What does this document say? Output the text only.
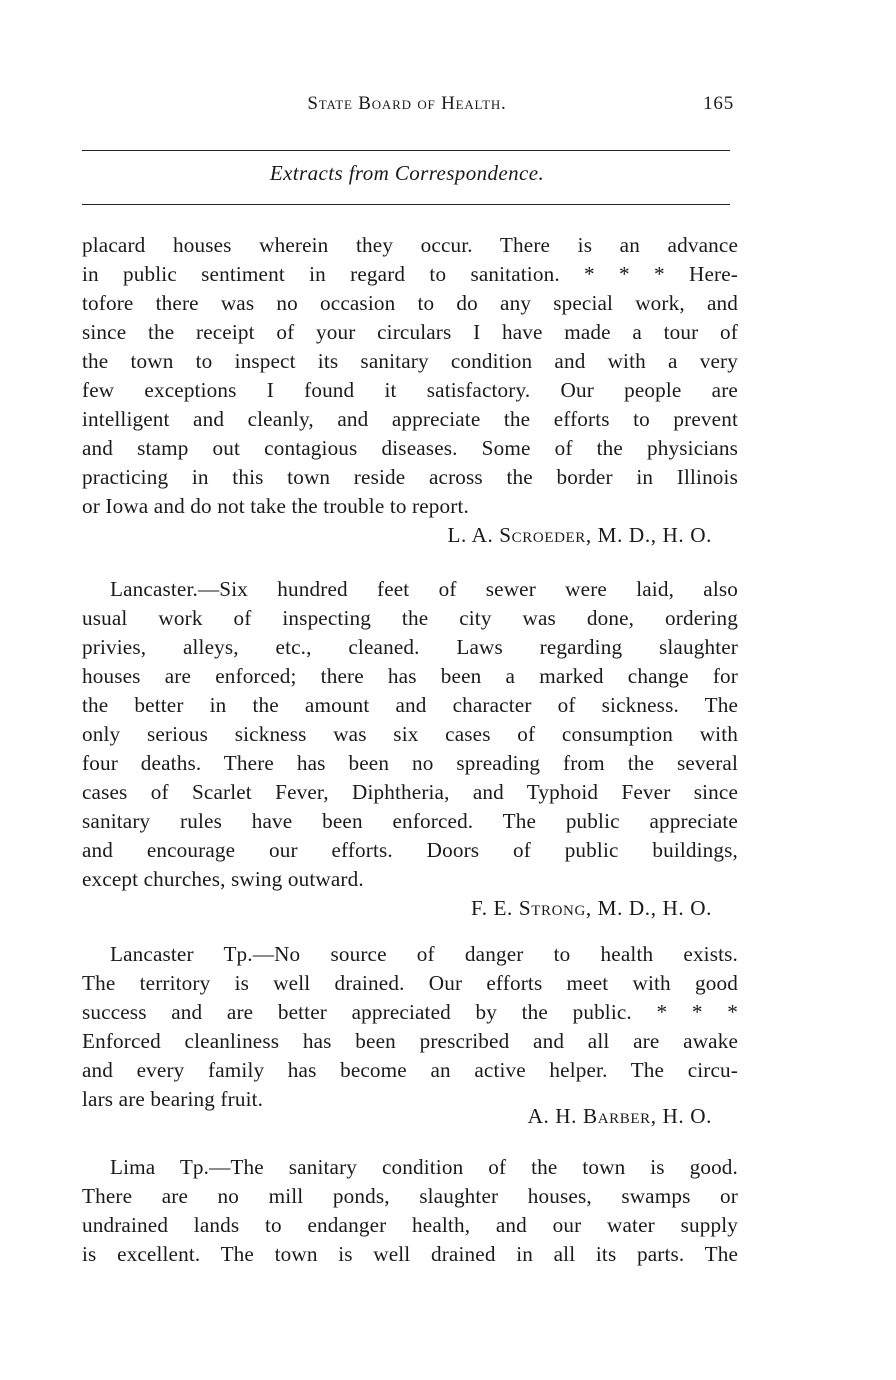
State Board of Health.	165
Extracts from Correspondence.
placard houses wherein they occur. There is an advance
in public sentiment in regard to sanitation. * * * Here-
tofore there was no occasion to do any special work, and
since the receipt of your circulars I have made a tour of
the town to inspect its sanitary condition and with a very
few exceptions I found it satisfactory. Our people are
intelligent and cleanly, and appreciate the efforts to prevent
and stamp out contagious diseases. Some of the physicians
practicing in this town reside across the border in Illinois
or Iowa and do not take the trouble to report.
L. A. Scroeder, M. D., H. O.
Lancaster.—Six hundred feet of sewer were laid, also
usual work of inspecting the city was done, ordering
privies, alleys, etc., cleaned. Laws regarding slaughter
houses are enforced; there has been a marked change for
the better in the amount and character of sickness. The
only serious sickness was six cases of consumption with
four deaths. There has been no spreading from the several
cases of Scarlet Fever, Diphtheria, and Typhoid Fever since
sanitary rules have been enforced. The public appreciate
and encourage our efforts. Doors of public buildings,
except churches, swing outward.
F. E. Strong, M. D., H. O.
Lancaster Tp.—No source of danger to health exists.
The territory is well drained. Our efforts meet with good
success and are better appreciated by the public. * * *
Enforced cleanliness has been prescribed and all are awake
and every family has become an active helper. The circu-
lars are bearing fruit.
A. H. Barber, H. O.
Lima Tp.—The sanitary condition of the town is good.
There are no mill ponds, slaughter houses, swamps or
undrained lands to endanger health, and our water supply
is excellent. The town is well drained in all its parts. The
